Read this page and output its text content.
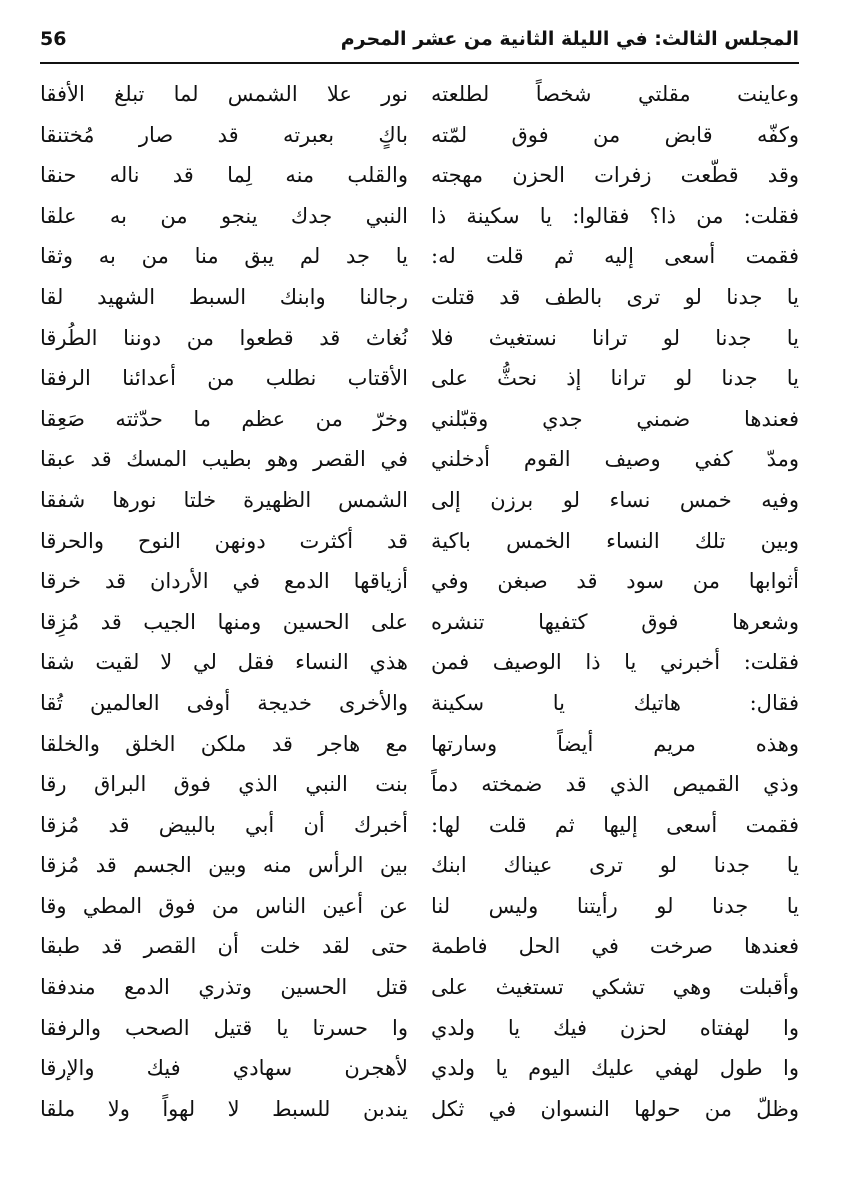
56	المجلس الثالث: في الليلة الثانية من عشر المحرم
وعاينت مقلتي شخصاً لطلعته
وكفّه قابض من فوق لمّته
وقد قطّعت زفرات الحزن مهجته
فقلت: من ذا؟ فقالوا: يا سكينة ذا
فقمت أسعى إليه ثم قلت له:
يا جدنا لو ترى بالطف قد قتلت
يا جدنا لو ترانا نستغيث فلا
يا جدنا لو ترانا إذ نحثُّ على
فعندها ضمني جدي وقبّلني
ومدّ كفي وصيف القوم أدخلني
وفيه خمس نساء لو برزن إلى
وبين تلك النساء الخمس باكية
أثوابها من سود قد صبغن وفي
وشعرها فوق كتفيها تنشره
فقلت: أخبرني يا ذا الوصيف فمن
فقال: هاتيك يا سكينة
وهذه مريم أيضاً وسارتها
وذي القميص الذي قد ضمخته دماً
فقمت أسعى إليها ثم قلت لها:
يا جدنا لو ترى عيناك ابنك
يا جدنا لو رأيتنا وليس لنا
فعندها صرخت في الحل فاطمة
وأقبلت وهي تشكي تستغيث على
وا لهفتاه لحزن فيك يا ولدي
وا طول لهفي عليك اليوم يا ولدي
وظلّ من حولها النسوان في ثكل
نور علا الشمس لما تبلغ الأفقا
باكٍ بعبرته قد صار مُختنقا
والقلب منه لِما قد ناله حنقا
النبي جدك ينجو من به علقا
يا جد لم يبق منا من به وثقا
رجالنا وابنك السبط الشهيد لقا
نُغاث قد قطعوا من دوننا الطُرقا
الأقتاب نطلب من أعدائنا الرفقا
وخرّ من عظم ما حدّثته صَعِقا
في القصر وهو بطيب المسك قد عبقا
الشمس الظهيرة خلتا نورها شفقا
قد أكثرت دونهن النوح والحرقا
أزياقها الدمع في الأردان قد خرقا
على الحسين ومنها الجيب قد مُزِقا
هذي النساء فقل لي لا لقيت شقا
والأخرى خديجة أوفى العالمين تُقا
مع هاجر قد ملكن الخلق والخلقا
بنت النبي الذي فوق البراق رقا
أخبرك أن أبي بالبيض قد مُزقا
بين الرأس منه وبين الجسم قد مُزقا
عن أعين الناس من فوق المطي وقا
حتى لقد خلت أن القصر قد طبقا
قتل الحسين وتذري الدمع مندفقا
وا حسرتا يا قتيل الصحب والرفقا
لأهجرن سهادي فيك والإرقا
يندبن للسبط لا لهواً ولا ملقا
